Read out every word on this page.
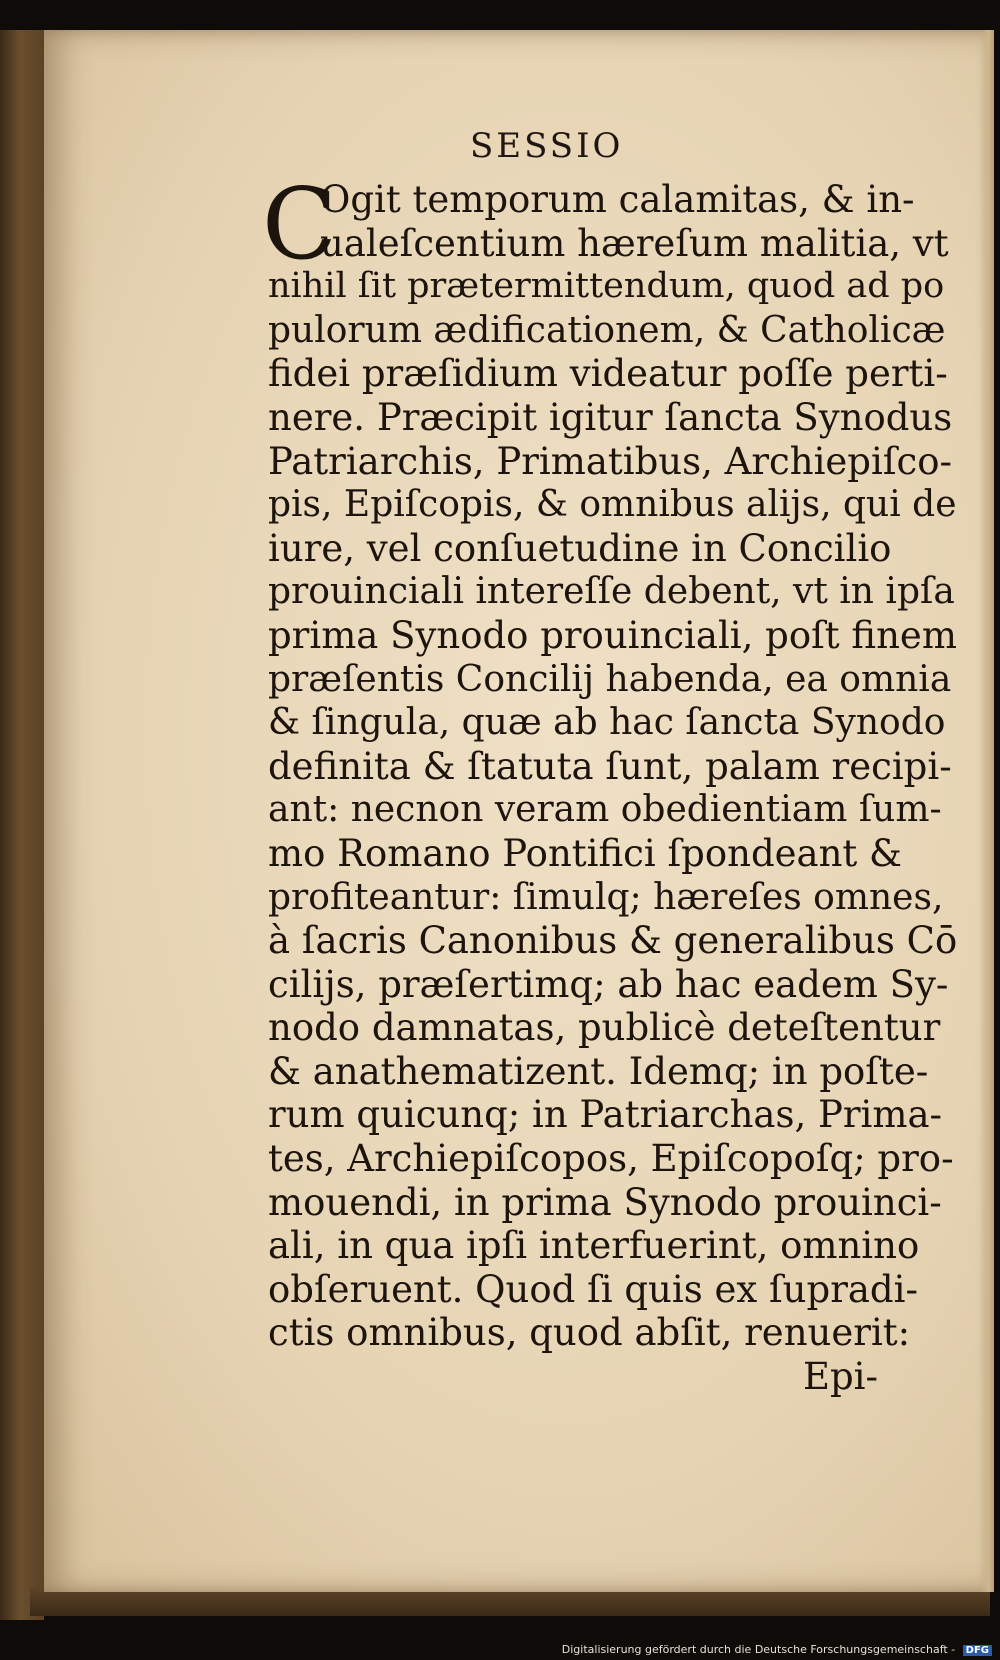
SESSIO
C
Ogit temporum calamitas, & in-
ualeſcentium hæreſum malitia, vt
nihil ſit prætermittendum, quod ad po
pulorum ædificationem, & Catholicæ
fidei præſidium videatur poſſe perti-
nere. Præcipit igitur ſancta Synodus
Patriarchis, Primatibus, Archiepiſco-
pis, Epiſcopis, & omnibus alijs, qui de
iure, vel conſuetudine in Concilio
prouinciali intereſſe debent, vt in ipſa
prima Synodo prouinciali, poſt finem
præſentis Concilij habenda, ea omnia
& ſingula, quæ ab hac ſancta Synodo
definita & ſtatuta ſunt, palam recipi-
ant: necnon veram obedientiam ſum-
mo Romano Pontifici ſpondeant &
profiteantur: ſimulq; hæreſes omnes,
à ſacris Canonibus & generalibus Cō
cilijs, præſertimq; ab hac eadem Sy-
nodo damnatas, publicè deteſtentur
& anathematizent. Idemq; in poſte-
rum quicunq; in Patriarchas, Prima-
tes, Archiepiſcopos, Epiſcopoſq; pro-
mouendi, in prima Synodo prouinci-
ali, in qua ipſi interfuerint, omnino
obſeruent. Quod ſi quis ex ſupradi-
ctis omnibus, quod abſit, renuerit:
Epi-
Digitalisierung gefördert durch die Deutsche Forschungsgemeinschaft - DFG
